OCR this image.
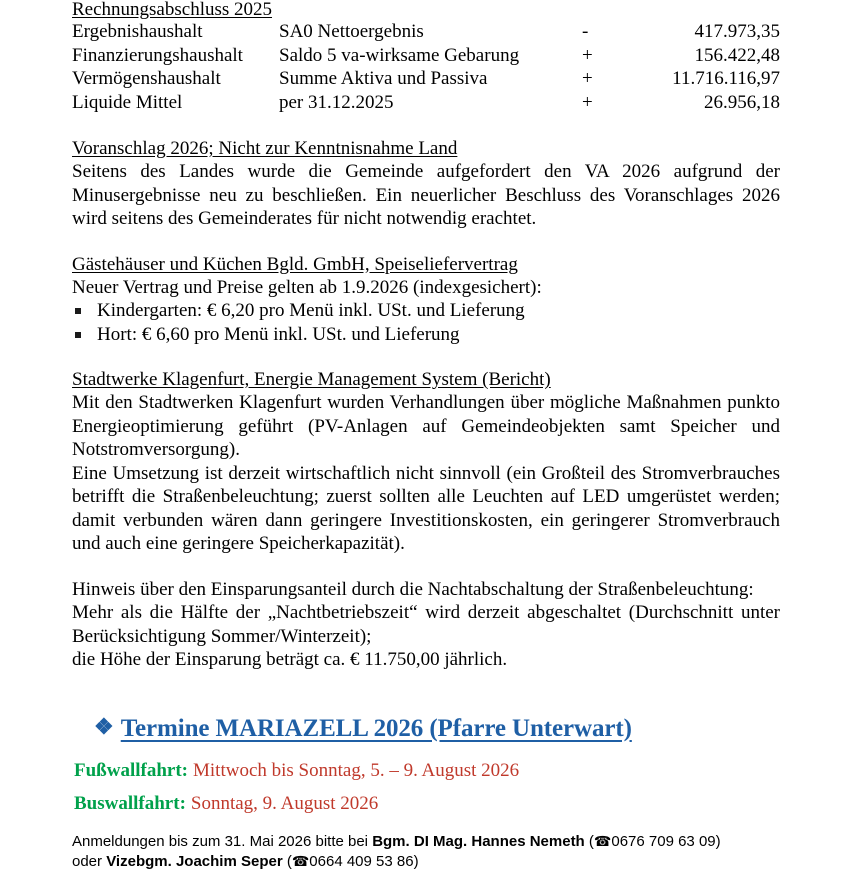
Rechnungsabschluss 2025
Ergebnishaushalt	SA0 Nettoergebnis	-	417.973,35
Finanzierungshaushalt	Saldo 5 va-wirksame Gebarung	+	156.422,48
Vermögenshaushalt	Summe Aktiva und Passiva	+	11.716.116,97
Liquide Mittel	per 31.12.2025	+	26.956,18
Voranschlag 2026; Nicht zur Kenntnisnahme Land
Seitens des Landes wurde die Gemeinde aufgefordert den VA 2026 aufgrund der Minusergebnisse neu zu beschließen. Ein neuerlicher Beschluss des Voranschlages 2026 wird seitens des Gemeinderates für nicht notwendig erachtet.
Gästehäuser und Küchen Bgld. GmbH, Speiseliefervertrag
Neuer Vertrag und Preise gelten ab 1.9.2026 (indexgesichert):
Kindergarten: € 6,20 pro Menü inkl. USt. und Lieferung
Hort: € 6,60 pro Menü inkl. USt. und Lieferung
Stadtwerke Klagenfurt, Energie Management System (Bericht)
Mit den Stadtwerken Klagenfurt wurden Verhandlungen über mögliche Maßnahmen punkto Energieoptimierung geführt (PV-Anlagen auf Gemeindeobjekten samt Speicher und Notstromversorgung).
Eine Umsetzung ist derzeit wirtschaftlich nicht sinnvoll (ein Großteil des Stromverbrauches betrifft die Straßenbeleuchtung; zuerst sollten alle Leuchten auf LED umgerüstet werden; damit verbunden wären dann geringere Investitionskosten, ein geringerer Stromverbrauch und auch eine geringere Speicherkapazität).
Hinweis über den Einsparungsanteil durch die Nachtabschaltung der Straßenbeleuchtung:
Mehr als die Hälfte der „Nachtbetriebszeit“ wird derzeit abgeschaltet (Durchschnitt unter Berücksichtigung Sommer/Winterzeit);
die Höhe der Einsparung beträgt ca. € 11.750,00 jährlich.
❖ Termine MARIAZELL 2026 (Pfarre Unterwart)
Fußwallfahrt: Mittwoch bis Sonntag, 5. – 9. August 2026
Buswallfahrt: Sonntag, 9. August 2026
Anmeldungen bis zum 31. Mai 2026 bitte bei Bgm. DI Mag. Hannes Nemeth (☎0676 709 63 09)
oder Vizebgm. Joachim Seper (☎0664 409 53 86)
